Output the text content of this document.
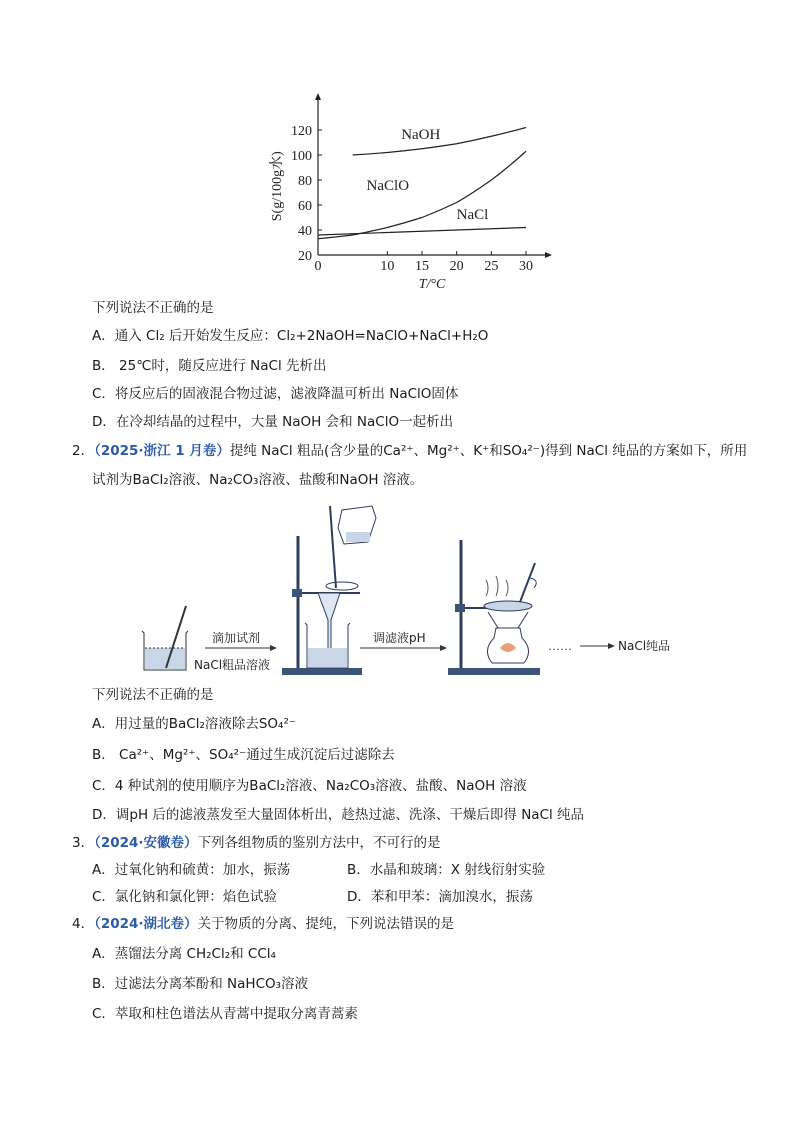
0	10 15 20 25 30
20
40
60
80
100
120
T/°C
S(g/100g水)
NaOH
NaClO
NaCl
下列说法不正确的是
A．通入 Cl₂ 后开始发生反应：Cl₂+2NaOH=NaClO+NaCl+H₂O
B． 25℃时，随反应进行 NaCl 先析出
C．将反应后的固液混合物过滤，滤液降温可析出 NaClO固体
D．在冷却结晶的过程中，大量 NaOH 会和 NaClO一起析出
2．（2025·浙江 1 月卷）提纯 NaCl 粗品(含少量的Ca²⁺、Mg²⁺、K⁺和SO₄²⁻)得到 NaCl 纯品的方案如下，所用
试剂为BaCl₂溶液、Na₂CO₃溶液、盐酸和NaOH 溶液。
NaCl粗品溶液
滴加试剂	调滤液pH
……	NaCl纯品
下列说法不正确的是
A．用过量的BaCl₂溶液除去SO₄²⁻
B． Ca²⁺、Mg²⁺、SO₄²⁻通过生成沉淀后过滤除去
C．4 种试剂的使用顺序为BaCl₂溶液、Na₂CO₃溶液、盐酸、NaOH 溶液
D．调pH 后的滤液蒸发至大量固体析出，趁热过滤、洗涤、干燥后即得 NaCl 纯品
3．（2024·安徽卷）下列各组物质的鉴别方法中，不可行的是
A．过氧化钠和硫黄：加水，振荡	B．水晶和玻璃：X 射线衍射实验
C．氯化钠和氯化钾：焰色试验	D．苯和甲苯：滴加溴水，振荡
4．（2024·湖北卷）关于物质的分离、提纯，下列说法错误的是
A．蒸馏法分离 CH₂Cl₂和 CCl₄
B．过滤法分离苯酚和 NaHCO₃溶液
C．萃取和柱色谱法从青蒿中提取分离青蒿素
